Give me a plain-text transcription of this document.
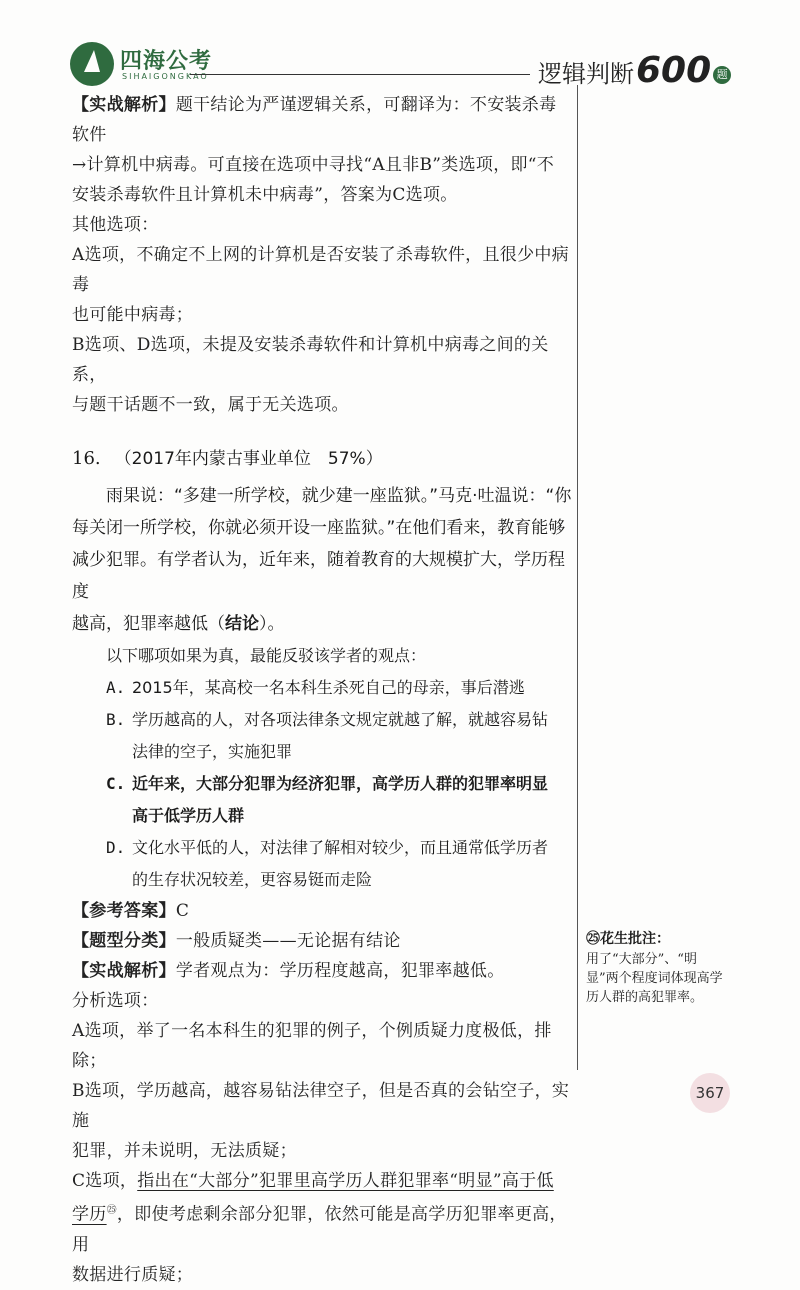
四海公考
SIHAIGONGKAO	逻辑判断600 题

【实战解析】题干结论为严谨逻辑关系，可翻译为：不安装杀毒软件

→计算机中病毒。可直接在选项中寻找“A且非B”类选项，即“不

安装杀毒软件且计算机未中病毒”，答案为C选项。

其他选项：

A选项，不确定不上网的计算机是否安装了杀毒软件，且很少中病毒

也可能中病毒；

B选项、D选项，未提及安装杀毒软件和计算机中病毒之间的关系，

与题干话题不一致，属于无关选项。

16. （2017年内蒙古事业单位　57%）

雨果说：“多建一所学校，就少建一座监狱。”马克·吐温说：“你

每关闭一所学校，你就必须开设一座监狱。”在他们看来，教育能够

减少犯罪。有学者认为，近年来，随着教育的大规模扩大，学历程度

越高，犯罪率越低（结论）。

以下哪项如果为真，最能反驳该学者的观点：

A. 2015年，某高校一名本科生杀死自己的母亲，事后潜逃

B. 学历越高的人，对各项法律条文规定就越了解，就越容易钻

法律的空子，实施犯罪

C. 近年来，大部分犯罪为经济犯罪，高学历人群的犯罪率明显

高于低学历人群

D. 文化水平低的人，对法律了解相对较少，而且通常低学历者

的生存状况较差，更容易铤而走险

【参考答案】C

【题型分类】一般质疑类——无论据有结论

【实战解析】学者观点为：学历程度越高，犯罪率越低。

分析选项：

A选项，举了一名本科生的犯罪的例子，个例质疑力度极低，排除；

B选项，学历越高，越容易钻法律空子，但是否真的会钻空子，实施

犯罪，并未说明，无法质疑；

C选项，指出在“大部分”犯罪里高学历人群犯罪率“明显”高于低

学历$^㉕$，即使考虑剩余部分犯罪，依然可能是高学历犯罪率更高，用

数据进行质疑；

㉕花生批注：

用了“大部分”、“明显”两个程度词体现高学历人群的高犯罪率。

367
